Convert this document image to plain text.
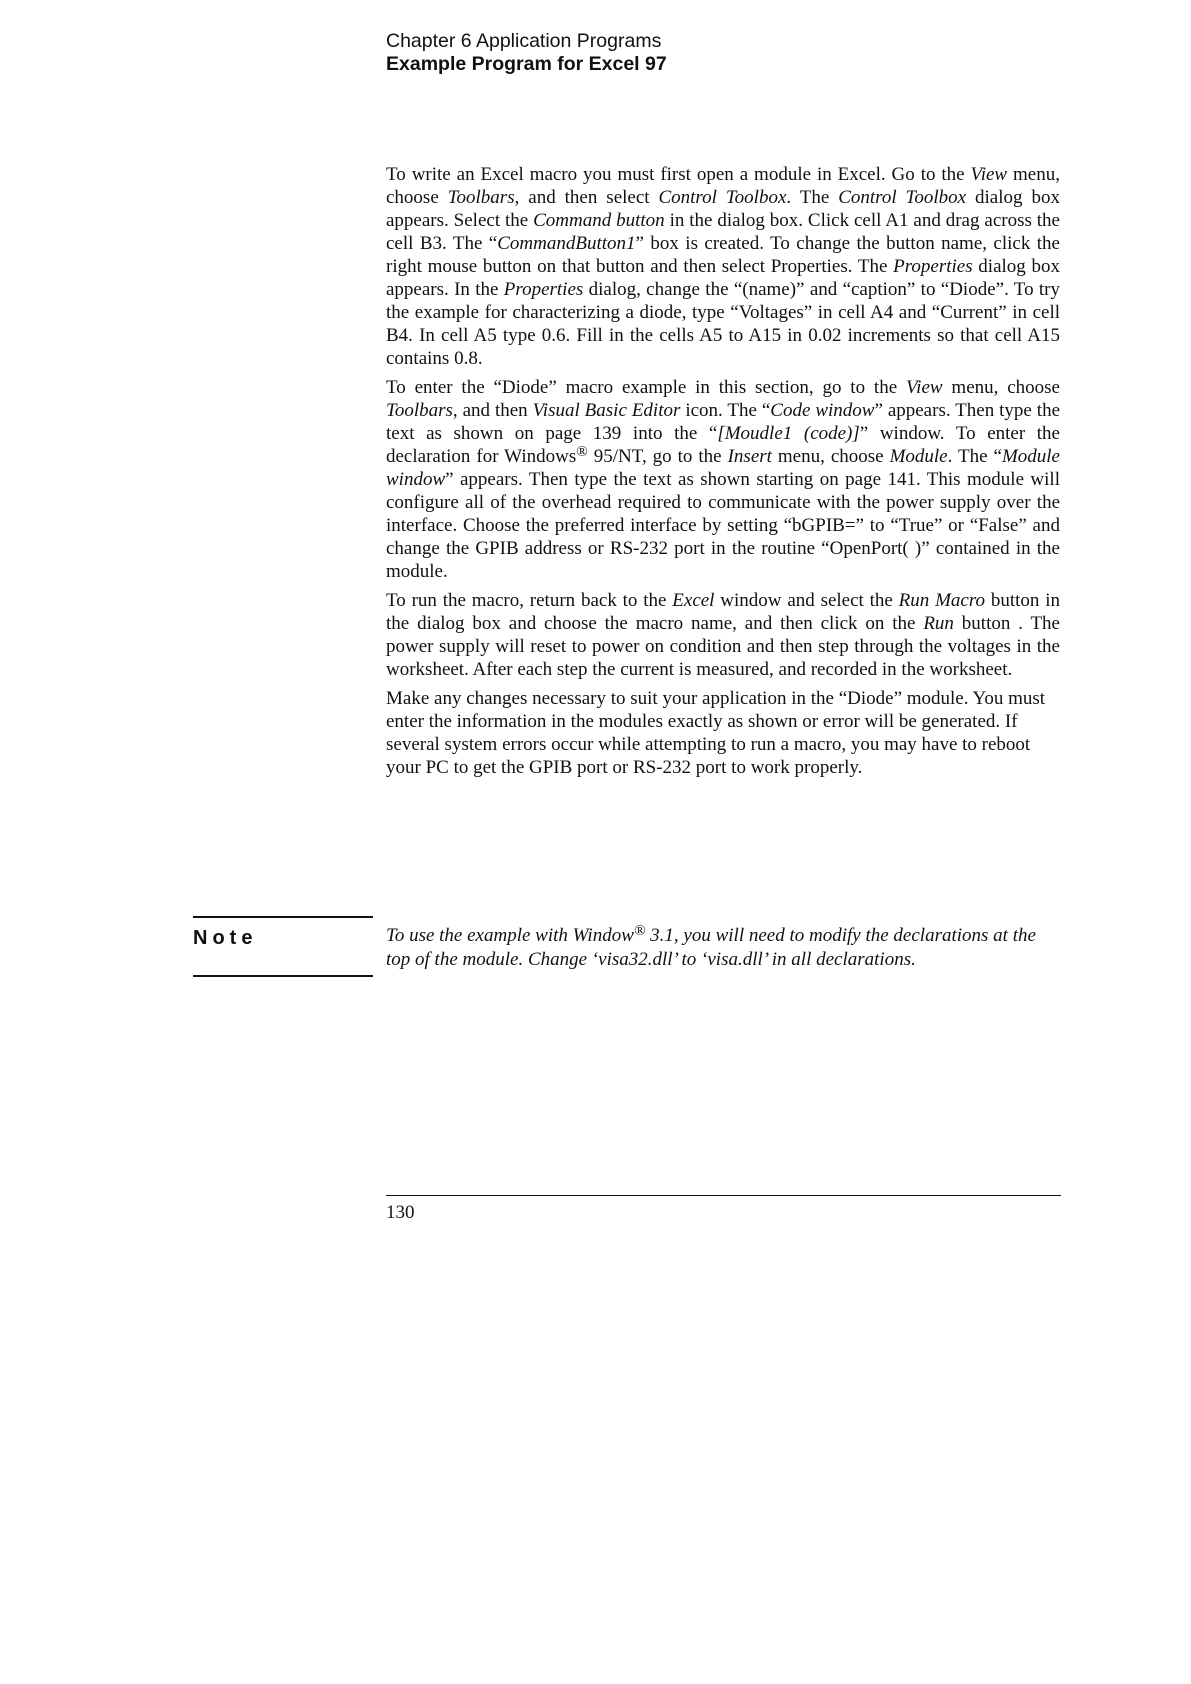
Chapter 6 Application Programs
Example Program for Excel 97

To write an Excel macro you must first open a module in Excel. Go to the View menu, choose Toolbars, and then select Control Toolbox. The Control Toolbox dialog box appears. Select the Command button in the dialog box. Click cell A1 and drag across the cell B3. The “CommandButton1” box is created. To change the button name, click the right mouse button on that button and then select Properties. The Properties dialog box appears. In the Properties dialog, change the “(name)” and “caption” to “Diode”. To try the example for characterizing a diode, type “Voltages” in cell A4 and “Current” in cell B4. In cell A5 type 0.6. Fill in the cells A5 to A15 in 0.02 increments so that cell A15 contains 0.8.

To enter the “Diode” macro example in this section, go to the View menu, choose Toolbars, and then Visual Basic Editor icon. The “Code window” appears. Then type the text as shown on page 139 into the “[Moudle1 (code)]” window. To enter the declaration for Windows® 95/NT, go to the Insert menu, choose Module. The “Module window” appears. Then type the text as shown starting on page 141. This module will configure all of the overhead required to communicate with the power supply over the interface. Choose the preferred interface by setting “bGPIB=” to “True” or “False” and change the GPIB address or RS-232 port in the routine “OpenPort( )” contained in the module.

To run the macro, return back to the Excel window and select the Run Macro button in the dialog box and choose the macro name, and then click on the Run button . The power supply will reset to power on condition and then step through the voltages in the worksheet. After each step the current is measured, and recorded in the worksheet.

Make any changes necessary to suit your application in the “Diode” module. You must enter the information in the modules exactly as shown or error will be generated. If several system errors occur while attempting to run a macro, you may have to reboot your PC to get the GPIB port or RS-232 port to work properly.

Note	To use the example with Window® 3.1, you will need to modify the declarations at the top of the module. Change ‘visa32.dll’ to ‘visa.dll’ in all declarations.
130
